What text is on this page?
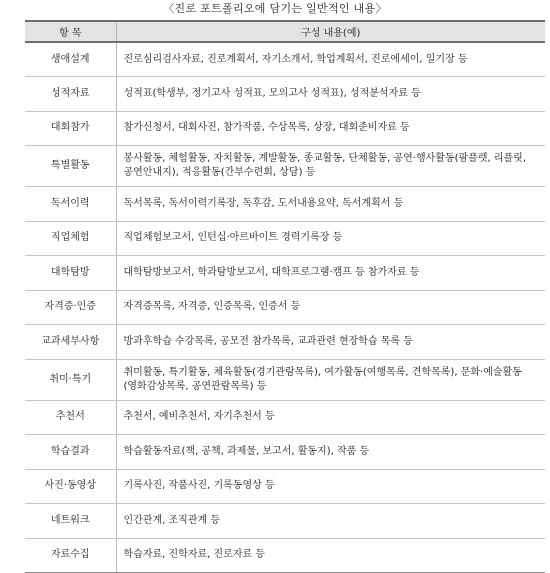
〈진로 포트폴리오에 담기는 일반적인 내용〉
항 목	구성 내용(예)
생애설계	진로심리검사자료, 진로계획서, 자기소개서, 학업계획서, 진로에세이, 일기장 등
성적자료	성적표(학생부, 정기고사 성적표, 모의고사 성적표), 성적분석자료 등
대회참가	참가신청서, 대회사진, 참가작품, 수상목록, 상장, 대회준비자료 등
특별활동	봉사활동, 체험활동, 자치활동, 계발활동, 종교활동, 단체활동, 공연·행사활동(팜플렛, 리플릿, 공연안내지), 적응활동(간부수련회, 상담) 등
독서이력	독서목록, 독서이력기록장, 독후감, 도서내용요약, 독서계획서 등
직업체험	직업체험보고서, 인턴십·아르바이트 경력기록장 등
대학탐방	대학탐방보고서, 학과탐방보고서, 대학프로그램·캠프 등 참가자료 등
자격증·인증	자격증목록, 자격증, 인증목록, 인증서 등
교과세부사항	방과후학습 수강목록, 공모전 참가목록, 교과관련 현장학습 목록 등
취미·특기	취미활동, 특기활동, 체육활동(경기관람목록), 여가활동(여행목록, 견학목록), 문화·예술활동(영화감상목록, 공연관람목록) 등
추천서	추천서, 예비추천서, 자기추천서 등
학습결과	학습활동자료(책, 공책, 과제물, 보고서, 활동지), 작품 등
사진·동영상	기록사진, 작품사진, 기록동영상 등
네트워크	인간관계, 조직관계 등
자료수집	학습자료, 진학자료, 진로자료 등
